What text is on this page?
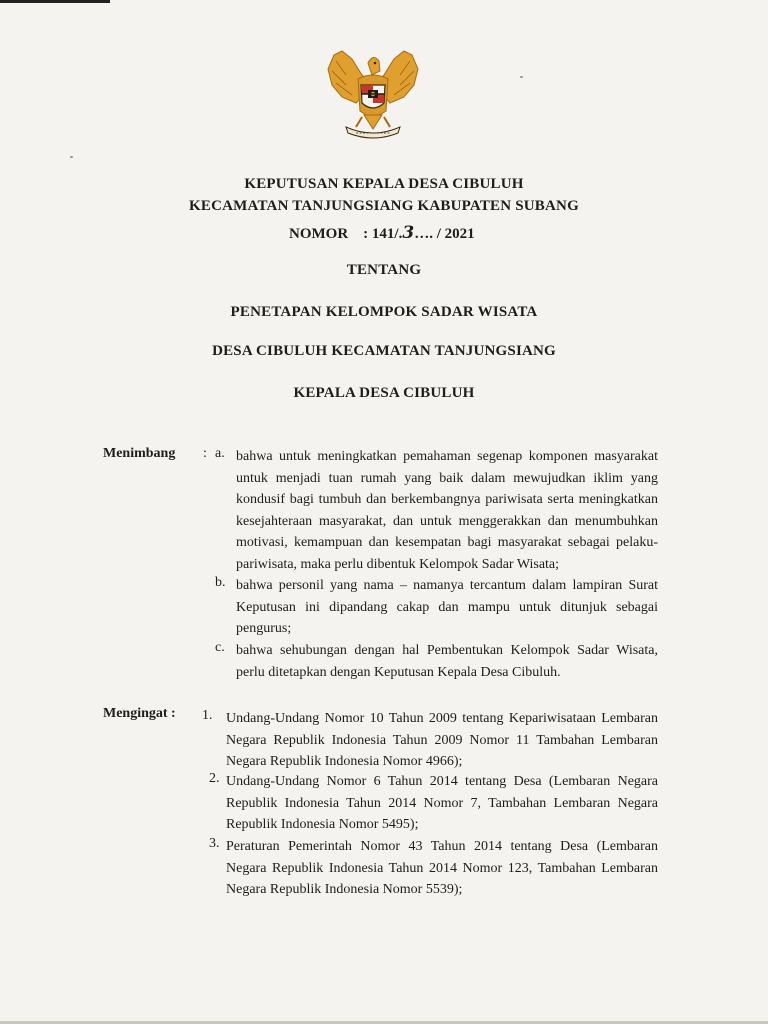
KEPUTUSAN KEPALA DESA CIBULUH
KECAMATAN TANJUNGSIANG KABUPATEN SUBANG
NOMOR : 141/.3…. / 2021
TENTANG
PENETAPAN KELOMPOK SADAR WISATA
DESA CIBULUH KECAMATAN TANJUNGSIANG
KEPALA DESA CIBULUH
Menimbang : a. bahwa untuk meningkatkan pemahaman segenap komponen masyarakat untuk menjadi tuan rumah yang baik dalam mewujudkan iklim yang kondusif bagi tumbuh dan berkembangnya pariwisata serta meningkatkan kesejahteraan masyarakat, dan untuk menggerakkan dan menumbuhkan motivasi, kemampuan dan kesempatan bagi masyarakat sebagai pelaku-pariwisata, maka perlu dibentuk Kelompok Sadar Wisata;
b. bahwa personil yang nama – namanya tercantum dalam lampiran Surat Keputusan ini dipandang cakap dan mampu untuk ditunjuk sebagai pengurus;
c. bahwa sehubungan dengan hal Pembentukan Kelompok Sadar Wisata, perlu ditetapkan dengan Keputusan Kepala Desa Cibuluh.
Mengingat : 1. Undang-Undang Nomor 10 Tahun 2009 tentang Kepariwisataan Lembaran Negara Republik Indonesia Tahun 2009 Nomor 11 Tambahan Lembaran Negara Republik Indonesia Nomor 4966);
2. Undang-Undang Nomor 6 Tahun 2014 tentang Desa (Lembaran Negara Republik Indonesia Tahun 2014 Nomor 7, Tambahan Lembaran Negara Republik Indonesia Nomor 5495);
3. Peraturan Pemerintah Nomor 43 Tahun 2014 tentang Desa (Lembaran Negara Republik Indonesia Tahun 2014 Nomor 123, Tambahan Lembaran Negara Republik Indonesia Nomor 5539);
